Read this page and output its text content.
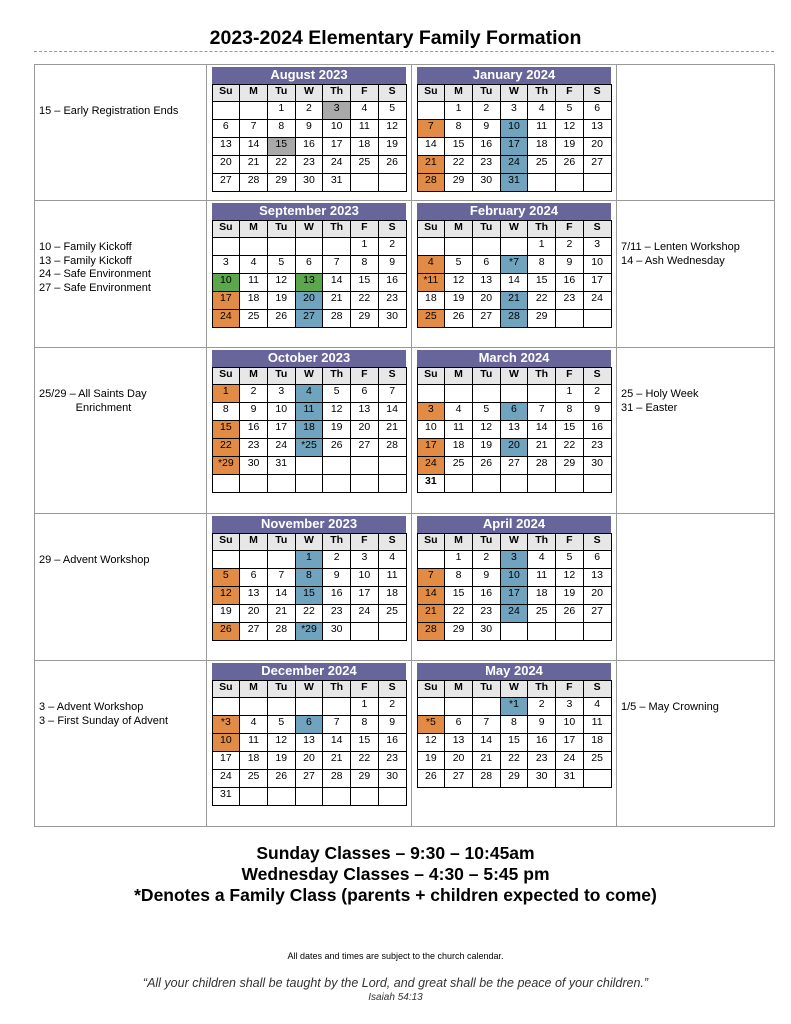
2023-2024 Elementary Family Formation
15 – Early Registration Ends

August 2023
Su	M	Tu	W	Th	F	S
		1	2	3	4	5
6	7	8	9	10	11	12
13	14	15	16	17	18	19
20	21	22	23	24	25	26
27	28	29	30	31		

January 2024
Su	M	Tu	W	Th	F	S
	1	2	3	4	5	6
7	8	9	10	11	12	13
14	15	16	17	18	19	20
21	22	23	24	25	26	27
28	29	30	31			

10 – Family Kickoff
13 – Family Kickoff
24 – Safe Environment
27 – Safe Environment

September 2023
Su	M	Tu	W	Th	F	S
					1	2
3	4	5	6	7	8	9
10	11	12	13	14	15	16
17	18	19	20	21	22	23
24	25	26	27	28	29	30

February 2024
Su	M	Tu	W	Th	F	S
				1	2	3
4	5	6	*7	8	9	10
*11	12	13	14	15	16	17
18	19	20	21	22	23	24
25	26	27	28	29		

7/11 – Lenten Workshop
14 – Ash Wednesday

25/29 – All Saints Day
Enrichment

October 2023
Su	M	Tu	W	Th	F	S
1	2	3	4	5	6	7
8	9	10	11	12	13	14
15	16	17	18	19	20	21
22	23	24	*25	26	27	28
*29	30	31				

March 2024
Su	M	Tu	W	Th	F	S
					1	2
3	4	5	6	7	8	9
10	11	12	13	14	15	16
17	18	19	20	21	22	23
24	25	26	27	28	29	30
31						

25 – Holy Week
31 – Easter

29 – Advent Workshop

November 2023
Su	M	Tu	W	Th	F	S
			1	2	3	4
5	6	7	8	9	10	11
12	13	14	15	16	17	18
19	20	21	22	23	24	25
26	27	28	*29	30		

April 2024
Su	M	Tu	W	Th	F	S
	1	2	3	4	5	6
7	8	9	10	11	12	13
14	15	16	17	18	19	20
21	22	23	24	25	26	27
28	29	30				

3 – Advent Workshop
3 – First Sunday of Advent

December 2024
Su	M	Tu	W	Th	F	S
					1	2
*3	4	5	6	7	8	9
10	11	12	13	14	15	16
17	18	19	20	21	22	23
24	25	26	27	28	29	30
31						

May 2024
Su	M	Tu	W	Th	F	S
			*1	2	3	4
*5	6	7	8	9	10	11
12	13	14	15	16	17	18
19	20	21	22	23	24	25
26	27	28	29	30	31	

1/5 – May Crowning
Sunday Classes – 9:30 – 10:45am
Wednesday Classes – 4:30 – 5:45 pm
*Denotes a Family Class (parents + children expected to come)
All dates and times are subject to the church calendar.
“All your children shall be taught by the Lord, and great shall be the peace of your children.”
Isaiah 54:13
